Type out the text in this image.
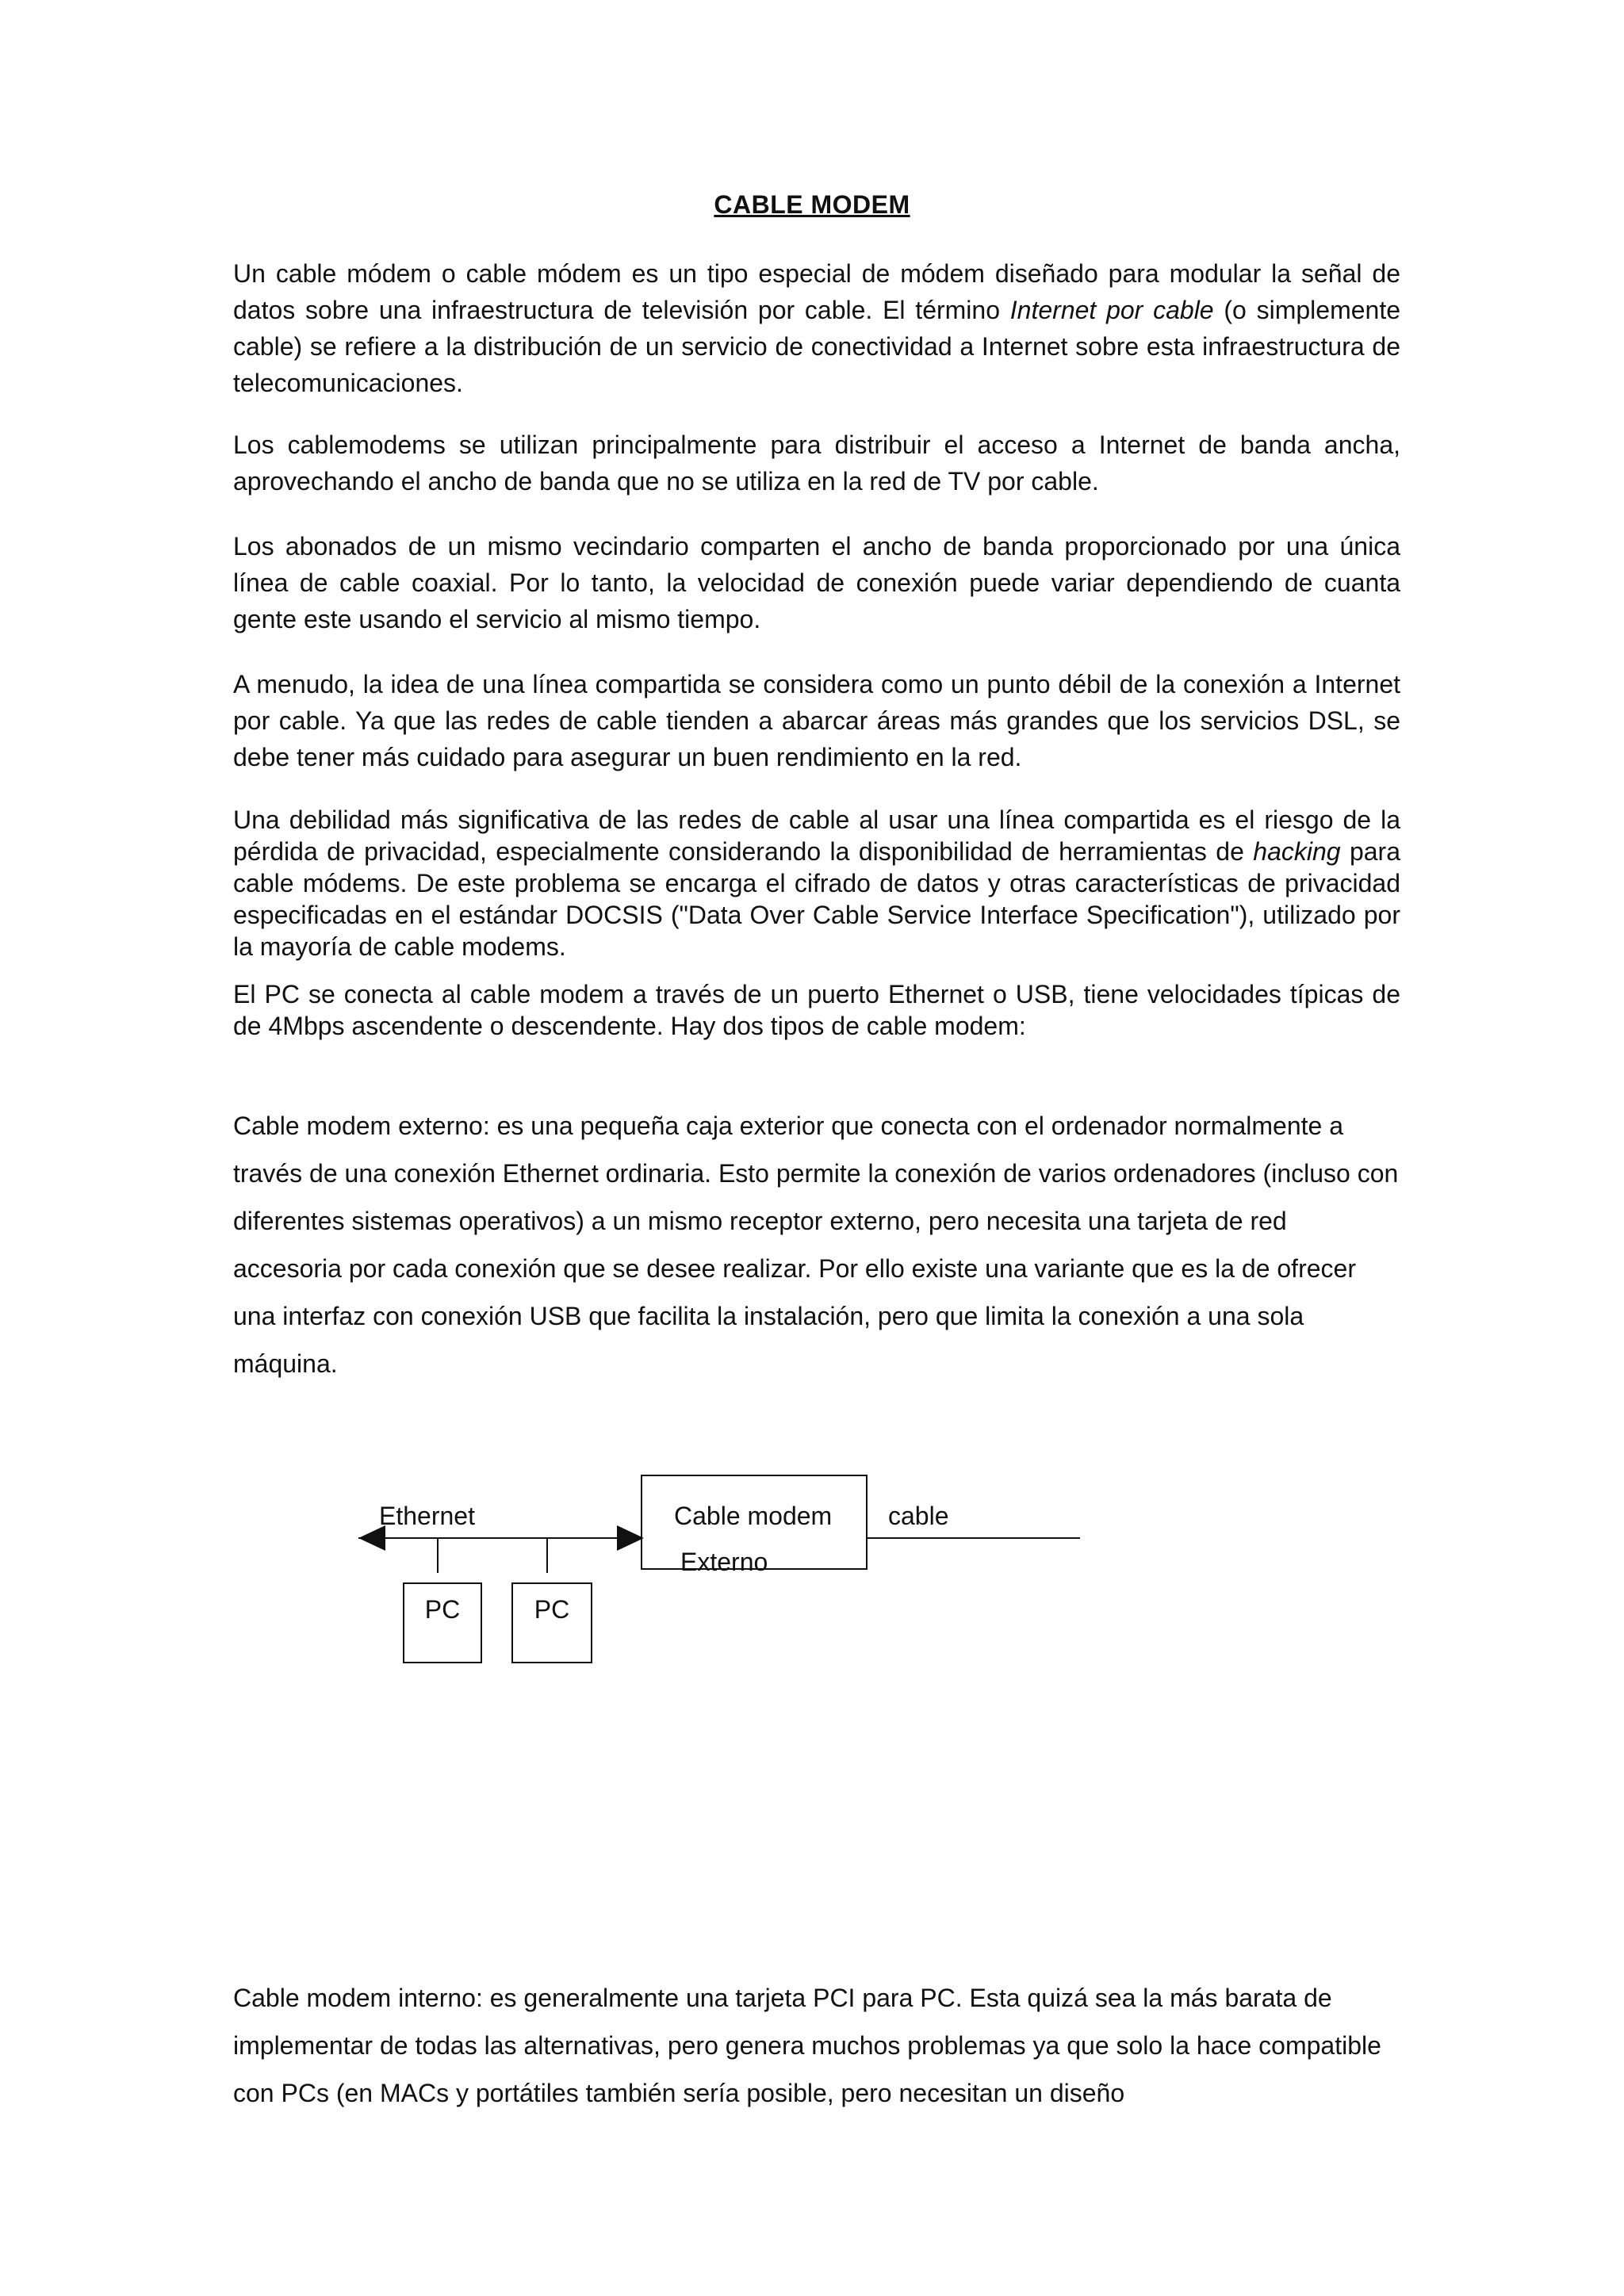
CABLE MODEM

Un cable módem o cable módem es un tipo especial de módem diseñado para modular la señal de datos sobre una infraestructura de televisión por cable. El término Internet por cable (o simplemente cable) se refiere a la distribución de un servicio de conectividad a Internet sobre esta infraestructura de telecomunicaciones.

Los cablemodems se utilizan principalmente para distribuir el acceso a Internet de banda ancha, aprovechando el ancho de banda que no se utiliza en la red de TV por cable.

Los abonados de un mismo vecindario comparten el ancho de banda proporcionado por una única línea de cable coaxial. Por lo tanto, la velocidad de conexión puede variar dependiendo de cuanta gente este usando el servicio al mismo tiempo.

A menudo, la idea de una línea compartida se considera como un punto débil de la conexión a Internet por cable. Ya que las redes de cable tienden a abarcar áreas más grandes que los servicios DSL, se debe tener más cuidado para asegurar un buen rendimiento en la red.

Una debilidad más significativa de las redes de cable al usar una línea compartida es el riesgo de la pérdida de privacidad, especialmente considerando la disponibilidad de herramientas de hacking para cable módems. De este problema se encarga el cifrado de datos y otras características de privacidad especificadas en el estándar DOCSIS ("Data Over Cable Service Interface Specification"), utilizado por la mayoría de cable modems.

El PC se conecta al cable modem a través de un puerto Ethernet o USB, tiene velocidades típicas de de 4Mbps ascendente o descendente. Hay dos tipos de cable modem:

Cable modem externo: es una pequeña caja exterior que conecta con el ordenador normalmente a través de una conexión Ethernet ordinaria. Esto permite la conexión de varios ordenadores (incluso con diferentes sistemas operativos) a un mismo receptor externo, pero necesita una tarjeta de red accesoria por cada conexión que se desee realizar. Por ello existe una variante que es la de ofrecer una interfaz con conexión USB que facilita la instalación, pero que limita la conexión a una sola máquina.

Ethernet	Cable modem
Externo
cable
PC	PC

Cable modem interno: es generalmente una tarjeta PCI para PC. Esta quizá sea la más barata de implementar de todas las alternativas, pero genera muchos problemas ya que solo la hace compatible con PCs (en MACs y portátiles también sería posible, pero necesitan un diseño
